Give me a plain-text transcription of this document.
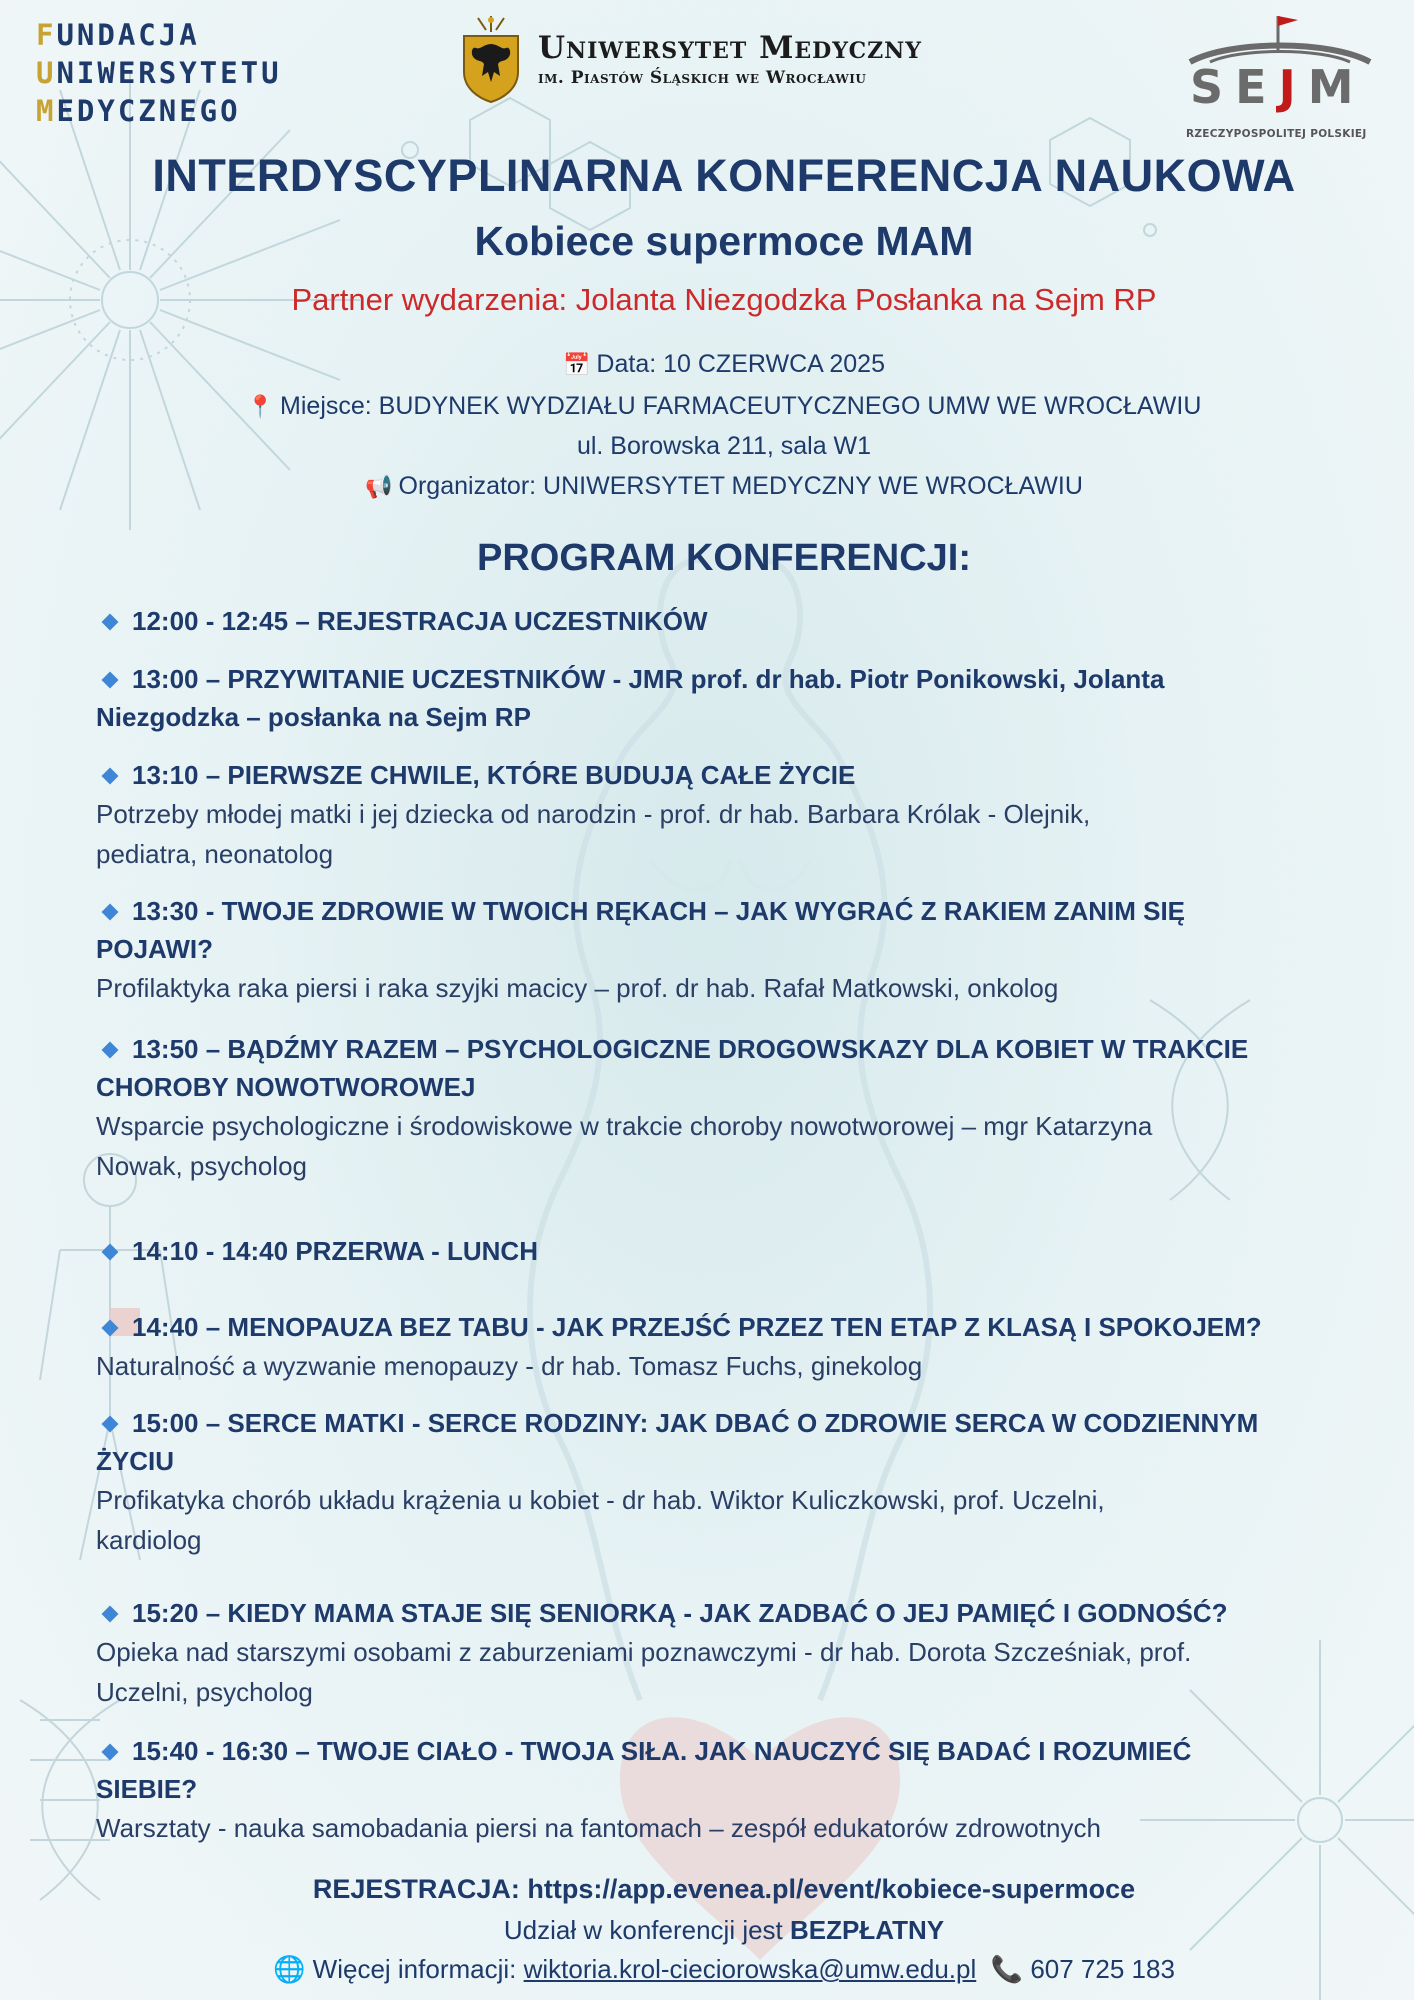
FUNDACJA
UNIWERSYTETU
MEDYCZNEGO
Uniwersytet Medyczny
im. Piastów Śląskich we Wrocławiu	SEJM
RZECZYPOSPOLITEJ POLSKIEJ
INTERDYSCYPLINARNA KONFERENCJA NAUKOWA
Kobiece supermoce MAM
Partner wydarzenia: Jolanta Niezgodzka Posłanka na Sejm RP
📅 Data: 10 CZERWCA 2025
📍 Miejsce: BUDYNEK WYDZIAŁU FARMACEUTYCZNEGO UMW WE WROCŁAWIU
ul. Borowska 211, sala W1
📢 Organizator: UNIWERSYTET MEDYCZNY WE WROCŁAWIU
PROGRAM KONFERENCJI:
12:00 - 12:45 – REJESTRACJA UCZESTNIKÓW
13:00 – PRZYWITANIE UCZESTNIKÓW - JMR prof. dr hab. Piotr Ponikowski, Jolanta
Niezgodzka – posłanka na Sejm RP
13:10 – PIERWSZE CHWILE, KTÓRE BUDUJĄ CAŁE ŻYCIE
Potrzeby młodej matki i jej dziecka od narodzin - prof. dr hab. Barbara Królak - Olejnik,
pediatra, neonatolog
13:30 - TWOJE ZDROWIE W TWOICH RĘKACH – JAK WYGRAĆ Z RAKIEM ZANIM SIĘ
POJAWI?
Profilaktyka raka piersi i raka szyjki macicy – prof. dr hab. Rafał Matkowski, onkolog
13:50 – BĄDŹMY RAZEM – PSYCHOLOGICZNE DROGOWSKAZY DLA KOBIET W TRAKCIE
CHOROBY NOWOTWOROWEJ
Wsparcie psychologiczne i środowiskowe w trakcie choroby nowotworowej – mgr Katarzyna
Nowak, psycholog
14:10 - 14:40 PRZERWA - LUNCH
14:40 – MENOPAUZA BEZ TABU - JAK PRZEJŚĆ PRZEZ TEN ETAP Z KLASĄ I SPOKOJEM?
Naturalność a wyzwanie menopauzy - dr hab. Tomasz Fuchs, ginekolog
15:00 – SERCE MATKI - SERCE RODZINY: JAK DBAĆ O ZDROWIE SERCA W CODZIENNYM
ŻYCIU
Profikatyka chorób układu krążenia u kobiet - dr hab. Wiktor Kuliczkowski, prof. Uczelni,
kardiolog
15:20 – KIEDY MAMA STAJE SIĘ SENIORKĄ - JAK ZADBAĆ O JEJ PAMIĘĆ I GODNOŚĆ?
Opieka nad starszymi osobami z zaburzeniami poznawczymi - dr hab. Dorota Szcześniak, prof.
Uczelni, psycholog
15:40 - 16:30 – TWOJE CIAŁO - TWOJA SIŁA. JAK NAUCZYĆ SIĘ BADAĆ I ROZUMIEĆ
SIEBIE?
Warsztaty - nauka samobadania piersi na fantomach – zespół edukatorów zdrowotnych
REJESTRACJA: https://app.evenea.pl/event/kobiece-supermoce
Udział w konferencji jest BEZPŁATNY
🌐 Więcej informacji: wiktoria.krol-cieciorowska@umw.edu.pl 📞 607 725 183
